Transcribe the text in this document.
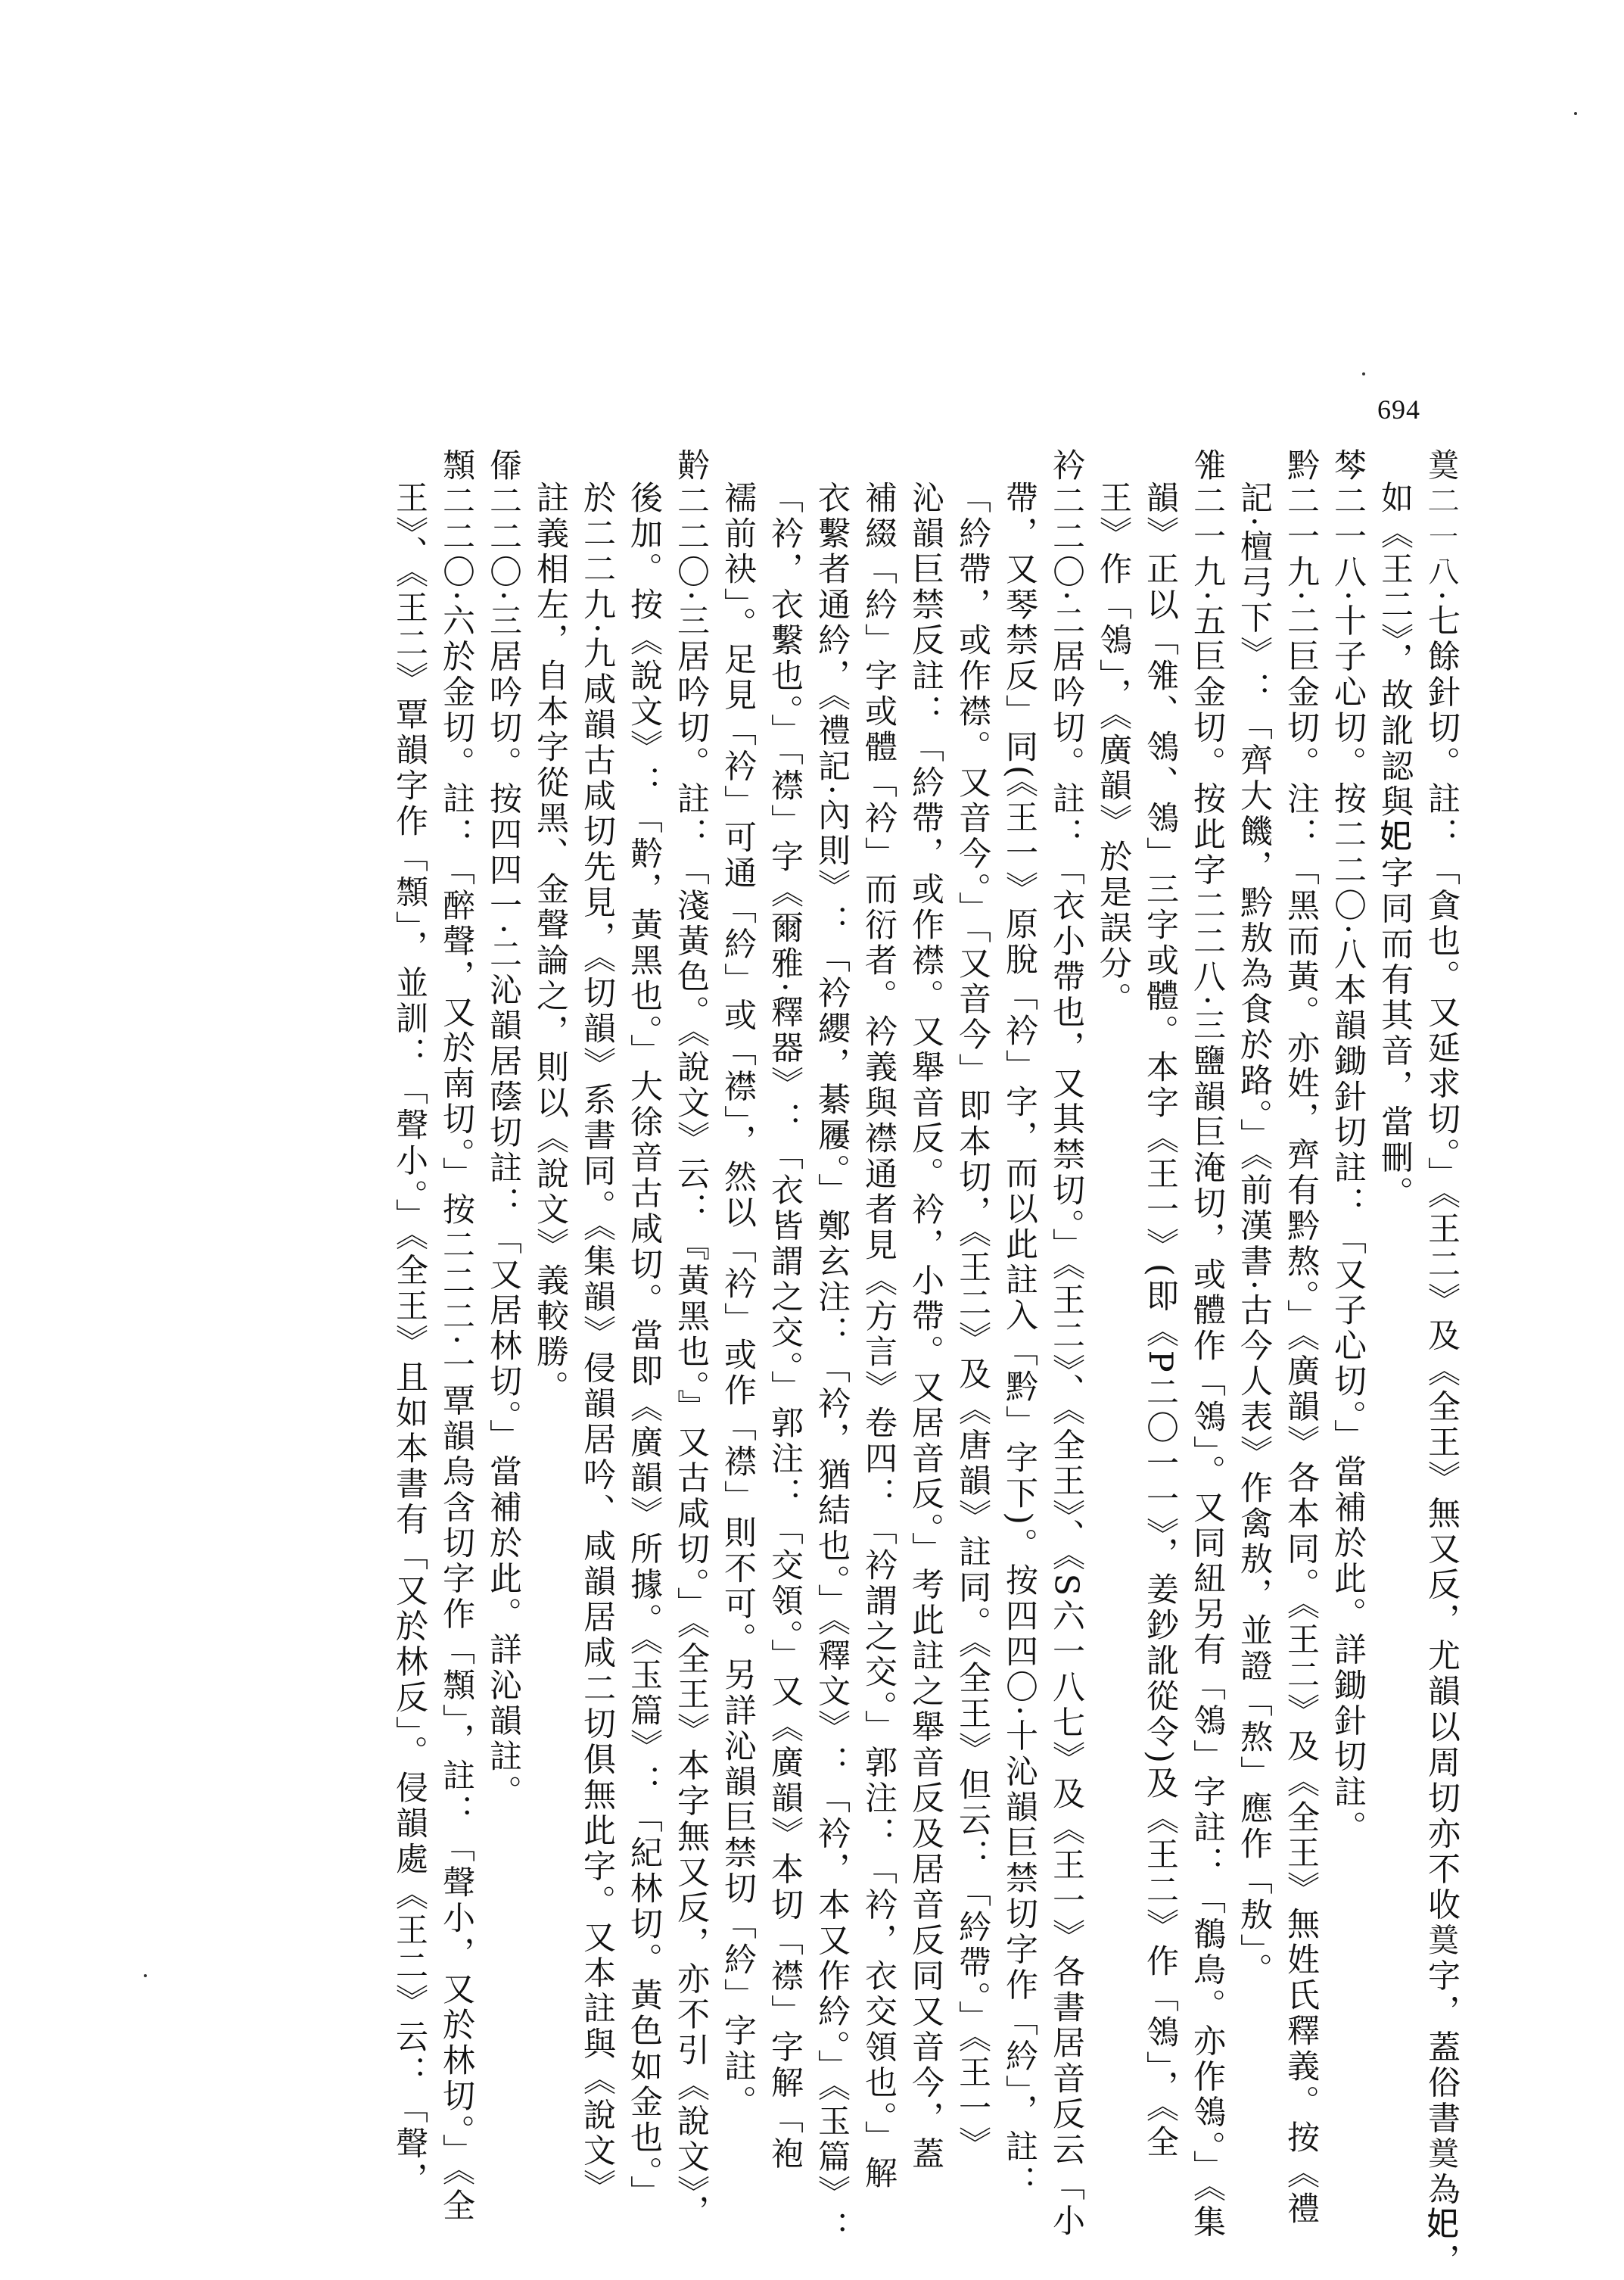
694
𡚈二一八·七餘針切。註：「貪也。又延求切。」《王二》及《全王》無又反，尤韻以周切亦不收𡚈字，蓋俗書𡚈為𡚱，
如《王二》，故訛認與𡚱字同而有其音，當刪。
棽二一八·十子心切。按二二〇·八本韻鋤針切註：「又子心切。」當補於此。詳鋤針切註。
黔二一九·二巨金切。注：「黑而黃。亦姓，齊有黔熬。」《廣韻》各本同。《王二》及《全王》無姓氏釋義。按《禮
記·檀弓下》：「齊大饑，黔敖為食於路。」《前漢書·古今人表》作禽敖，並證「熬」應作「敖」。
雂二一九·五巨金切。按此字二二八·三鹽韻巨淹切，或體作「鴒」。又同紐另有「鴒」字註：「鶺鳥。亦作鴒。」《集
韻》正以「雂、鴒、鴒」三字或體。本字《王一》(即《P二〇一一》，姜鈔訛從令)及《王二》作「鴒」，《全
王》作「鴒」，《廣韻》於是誤分。
衿二二〇·二居吟切。註：「衣小帶也，又其禁切。」《王二》、《全王》、《S六一八七》及《王一》各書居音反云「小
帶，又琴禁反」同(《王一》原脫「衿」字，而以此註入「黔」字下)。按四四〇·十沁韻巨禁切字作「紟」，註：
「紟帶，或作襟。又音今。」「又音今」即本切，《王二》及《唐韻》註同。《全王》但云：「紟帶。」《王一》
沁韻巨禁反註：「紟帶，或作襟。又舉音反。衿，小帶。又居音反。」考此註之舉音反及居音反同又音今，蓋
補綴「紟」字或體「衿」而衍者。衿義與襟通者見《方言》卷四：「衿謂之交。」郭注：「衿，衣交領也。」解
衣繫者通紟，《禮記·內則》：「衿纓，綦屨。」鄭玄注：「衿，猶結也。」《釋文》：「衿，本又作紟。」《玉篇》：
「衿，衣繫也。」「襟」字《爾雅·釋器》：「衣皆謂之交。」郭注：「交領。」又《廣韻》本切「襟」字解「袍
襦前袂」。足見「衿」可通「紟」或「襟」，然以「衿」或作「襟」則不可。另詳沁韻巨禁切「紟」字註。
黅二二〇·三居吟切。註：「淺黃色。《說文》云：『黃黑也。』又古咸切。」《全王》本字無又反，亦不引《說文》，
後加。按《說文》：「黅，黃黑也。」大徐音古咸切。當即《廣韻》所據。《玉篇》：「紀林切。黃色如金也。」
於二二九·九咸韻古咸切先見，《切韻》系書同。《集韻》侵韻居吟、咸韻居咸二切俱無此字。又本註與《說文》
註義相左，自本字從黑、金聲論之，則以《說文》義較勝。
㒎二二〇·三居吟切。按四四一·二沁韻居蔭切註：「又居林切。」當補於此。詳沁韻註。
䫴二二〇·六於金切。註：「醉聲，又於南切。」按二二二·一覃韻烏含切字作「䫴」，註：「聲小，又於林切。」《全
王》、《王二》覃韻字作「䫴」，並訓：「聲小。」《全王》且如本書有「又於林反」。侵韻處《王二》云：「聲，
